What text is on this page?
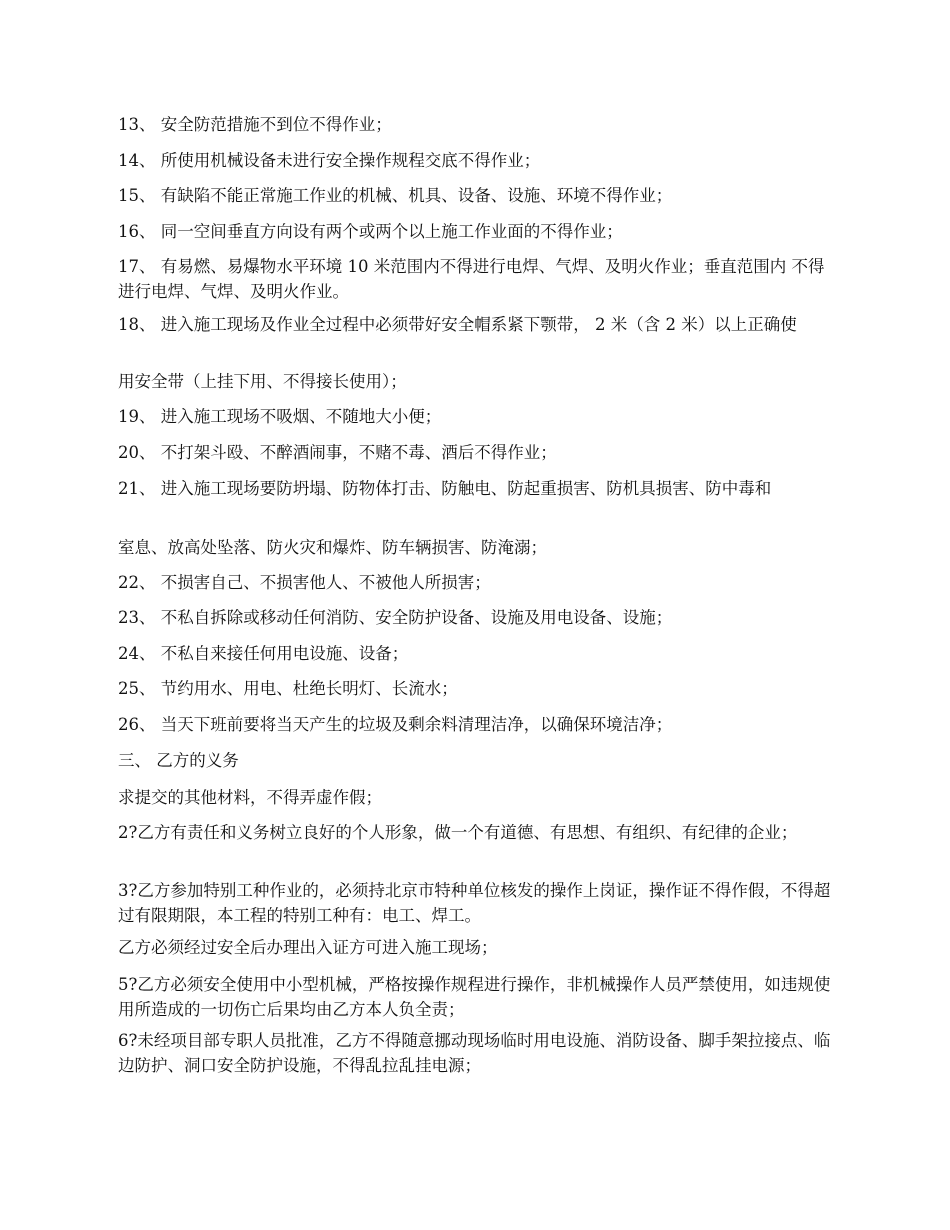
13、 安全防范措施不到位不得作业；
14、 所使用机械设备未进行安全操作规程交底不得作业；
15、 有缺陷不能正常施工作业的机械、机具、设备、设施、环境不得作业；
16、 同一空间垂直方向设有两个或两个以上施工作业面的不得作业；
17、 有易燃、易爆物水平环境 10 米范围内不得进行电焊、气焊、及明火作业；垂直范围内 不得进行电焊、气焊、及明火作业。
18、 进入施工现场及作业全过程中必须带好安全帽系紧下颚带， 2 米（含 2 米）以上正确使
用安全带（上挂下用、不得接长使用）；
19、 进入施工现场不吸烟、不随地大小便；
20、 不打架斗殴、不醉酒闹事，不赌不毒、酒后不得作业；
21、 进入施工现场要防坍塌、防物体打击、防触电、防起重损害、防机具损害、防中毒和
室息、放高处坠落、防火灾和爆炸、防车辆损害、防淹溺；
22、 不损害自己、不损害他人、不被他人所损害；
23、 不私自拆除或移动任何消防、安全防护设备、设施及用电设备、设施；
24、 不私自来接任何用电设施、设备；
25、 节约用水、用电、杜绝长明灯、长流水；
26、 当天下班前要将当天产生的垃圾及剩余料清理洁净，以确保环境洁净；
三、 乙方的义务
求提交的其他材料，不得弄虚作假；
2?乙方有责任和义务树立良好的个人形象，做一个有道德、有思想、有组织、有纪律的企业；
3?乙方参加特别工种作业的，必须持北京市特种单位核发的操作上岗证，操作证不得作假，不得超 过有限期限，本工程的特别工种有：电工、焊工。
乙方必须经过安全后办理出入证方可进入施工现场；
5?乙方必须安全使用中小型机械，严格按操作规程进行操作，非机械操作人员严禁使用，如违规使 用所造成的一切伤亡后果均由乙方本人负全责；
6?未经项目部专职人员批准，乙方不得随意挪动现场临时用电设施、消防设备、脚手架拉接点、临 边防护、洞口安全防护设施，不得乱拉乱挂电源；
